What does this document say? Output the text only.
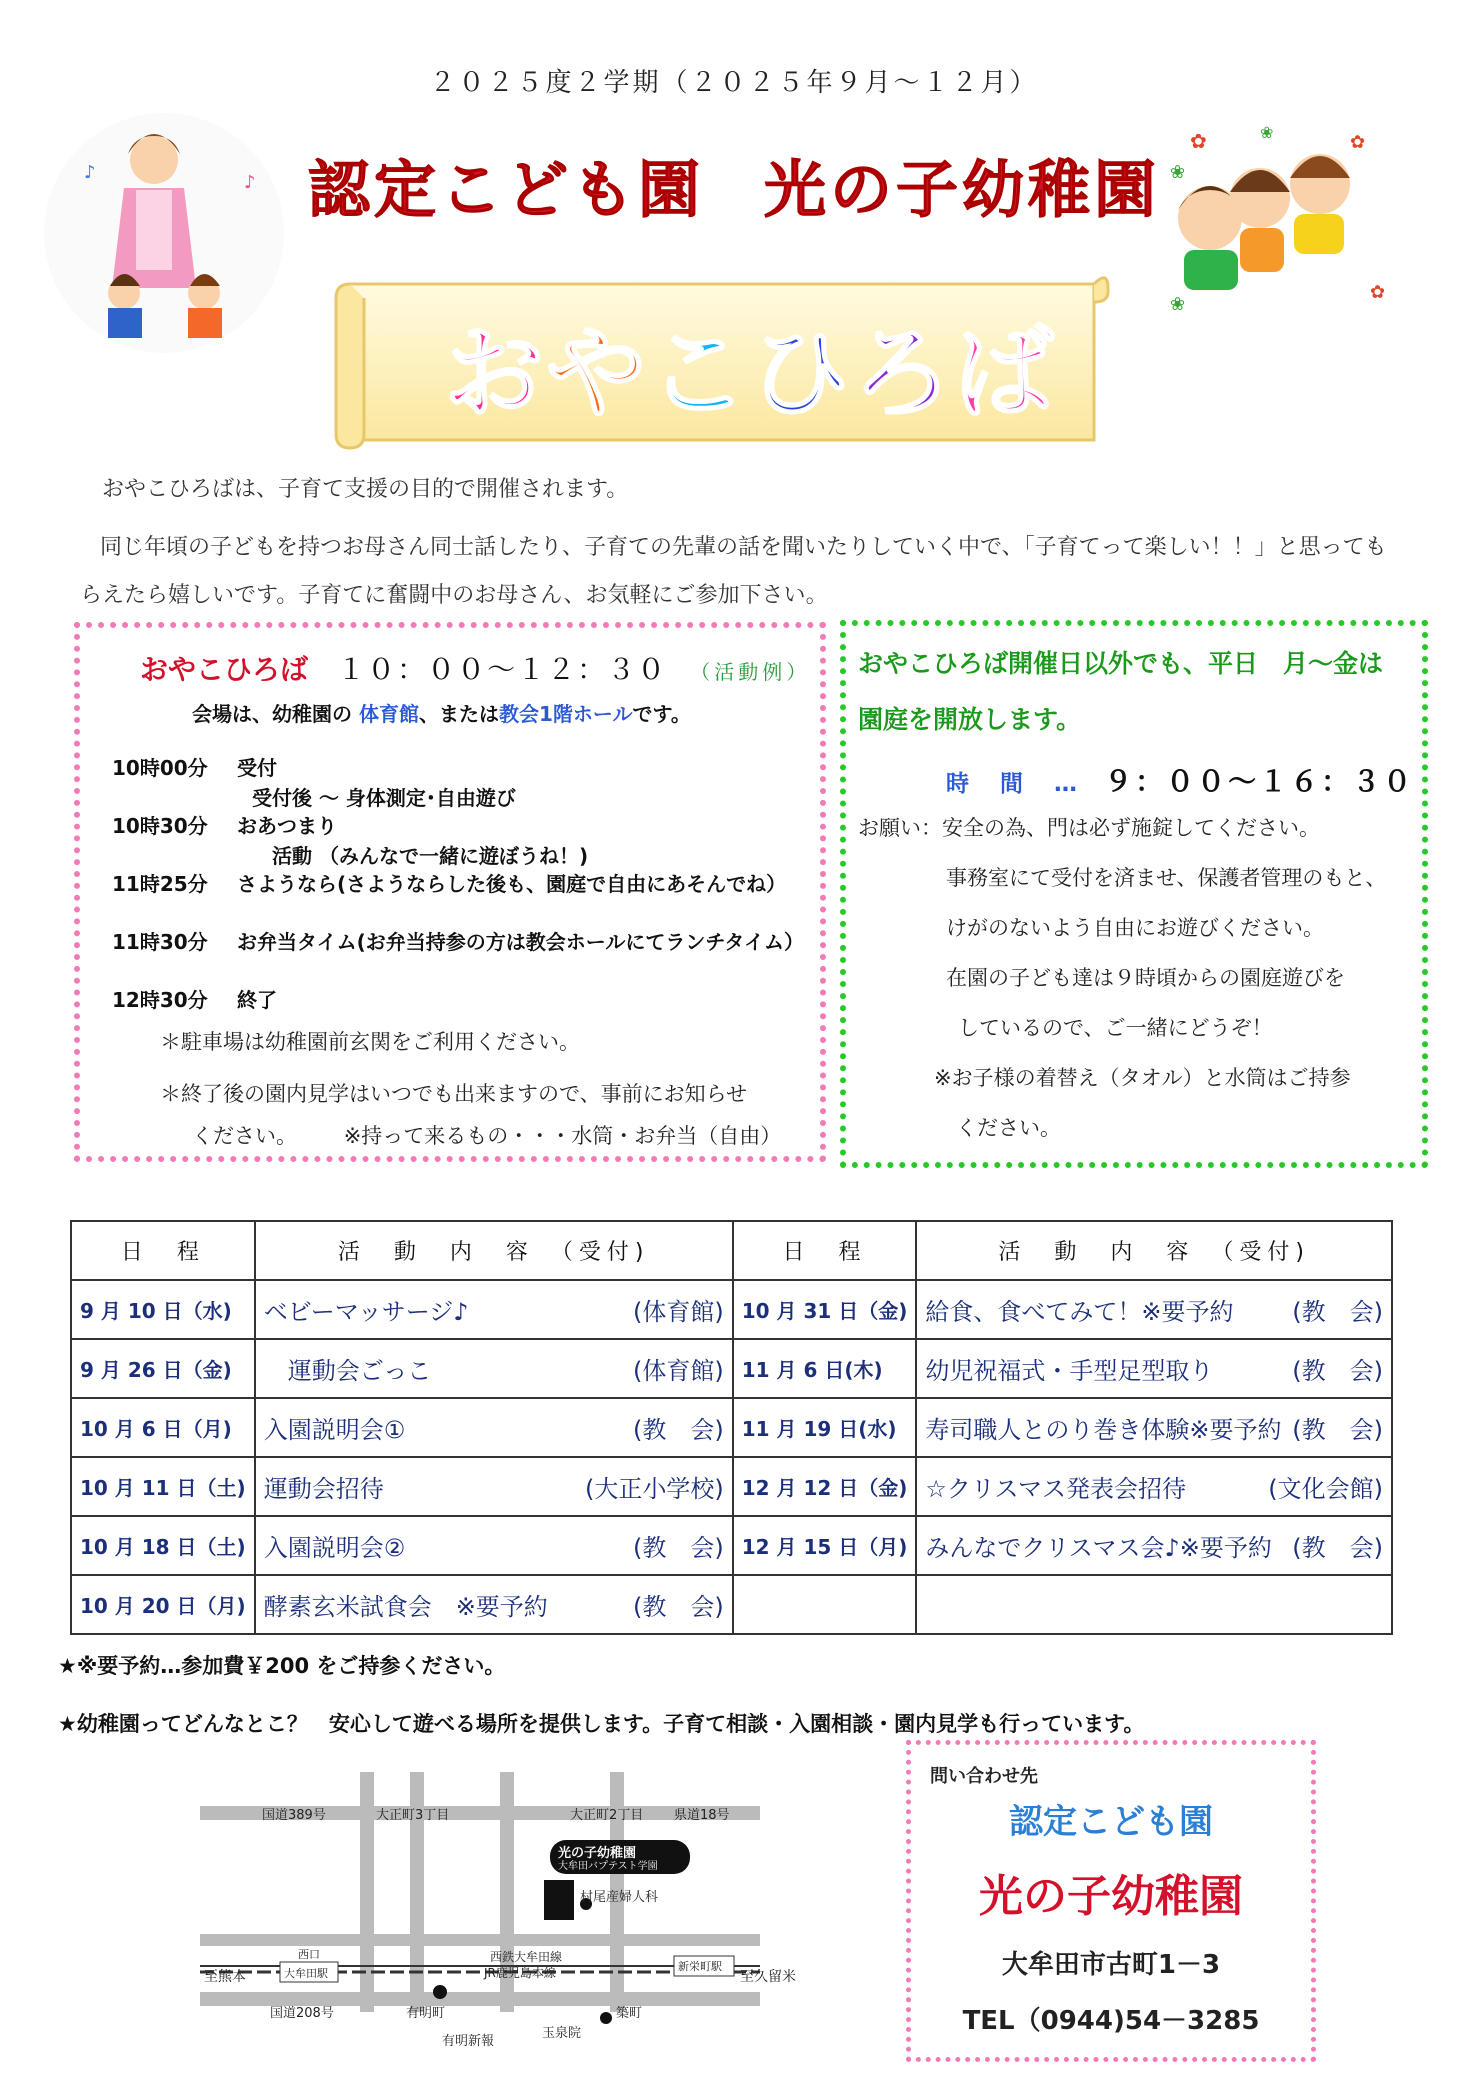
２０２５度２学期（２０２５年９月～１２月）
認定こども園 光の子幼稚園
♪	♪
✿	❀	✿
❀
✿
❀
おやこひろば
おやこひろばは、子育て支援の目的で開催されます。
同じ年頃の子どもを持つお母さん同士話したり、子育ての先輩の話を聞いたりしていく中で、「子育てって楽しい！！」と思っても
らえたら嬉しいです。子育てに奮闘中のお母さん、お気軽にご参加下さい。
おやこひろば １０：００～１２：３０ （活動例）
会場は、幼稚園の 体育館、または教会1階ホールです。
10時00分 受付
受付後 ～ 身体測定･自由遊び
10時30分 おあつまり
活動 （みんなで一緒に遊ぼうね！)
11時25分 さようなら(さようならした後も、園庭で自由にあそんでね）
11時30分 お弁当タイム(お弁当持参の方は教会ホールにてランチタイム）
12時30分 終了
＊駐車場は幼稚園前玄関をご利用ください。
＊終了後の園内見学はいつでも出来ますので、事前にお知らせ
ください。 ※持って来るもの・・・水筒・お弁当（自由）
おやこひろば開催日以外でも、平日　月～金は
園庭を開放します。
時　間　… ９：００～１６：３０
お願い：安全の為、門は必ず施錠してください。
事務室にて受付を済ませ、保護者管理のもと、
けがのないよう自由にお遊びください。
在園の子ども達は９時頃からの園庭遊びを
しているので、ご一緒にどうぞ！
※お子様の着替え（タオル）と水筒はご持参
ください。
日　程	活　動　内　容　（受付)	日　程	活　動　内　容　（受付)
9 月 10 日（水)	ベビーマッサージ♪ (体育館)	10 月 31 日（金)	給食、食べてみて！※要予約 (教　会)

9 月 26 日（金)	　運動会ごっこ (体育館)	11 月 6 日(木)	幼児祝福式・手型足型取り (教　会)

10 月 6 日（月)	入園説明会① (教　会)	11 月 19 日(水)	寿司職人とのり巻き体験※要予約 (教　会)

10 月 11 日（土)	運動会招待 (大正小学校)	12 月 12 日（金)	☆クリスマス発表会招待 (文化会館)

10 月 18 日（土)	入園説明会② (教　会)	12 月 15 日（月)	みんなでクリスマス会♪※要予約 (教　会)

10 月 20 日（月)	酵素玄米試食会　※要予約 (教　会)		

★※要予約…参加費￥200 をご持参ください。
★幼稚園ってどんなとこ？　安心して遊べる場所を提供します。子育て相談・入園相談・園内見学も行っています。
国道389号	大正町3丁目	大正町2丁目 県道18号
光の子幼稚園
大牟田バプテスト学園
村尾産婦人科
西口
大牟田駅
西鉄大牟田線
JR鹿児島本線	新栄町駅
至熊本	至久留米
国道208号	有明町	築町
有明新報
玉泉院
問い合わせ先
認定こども園
光の子幼稚園
大牟田市古町1－3
TEL（0944)54－3285
